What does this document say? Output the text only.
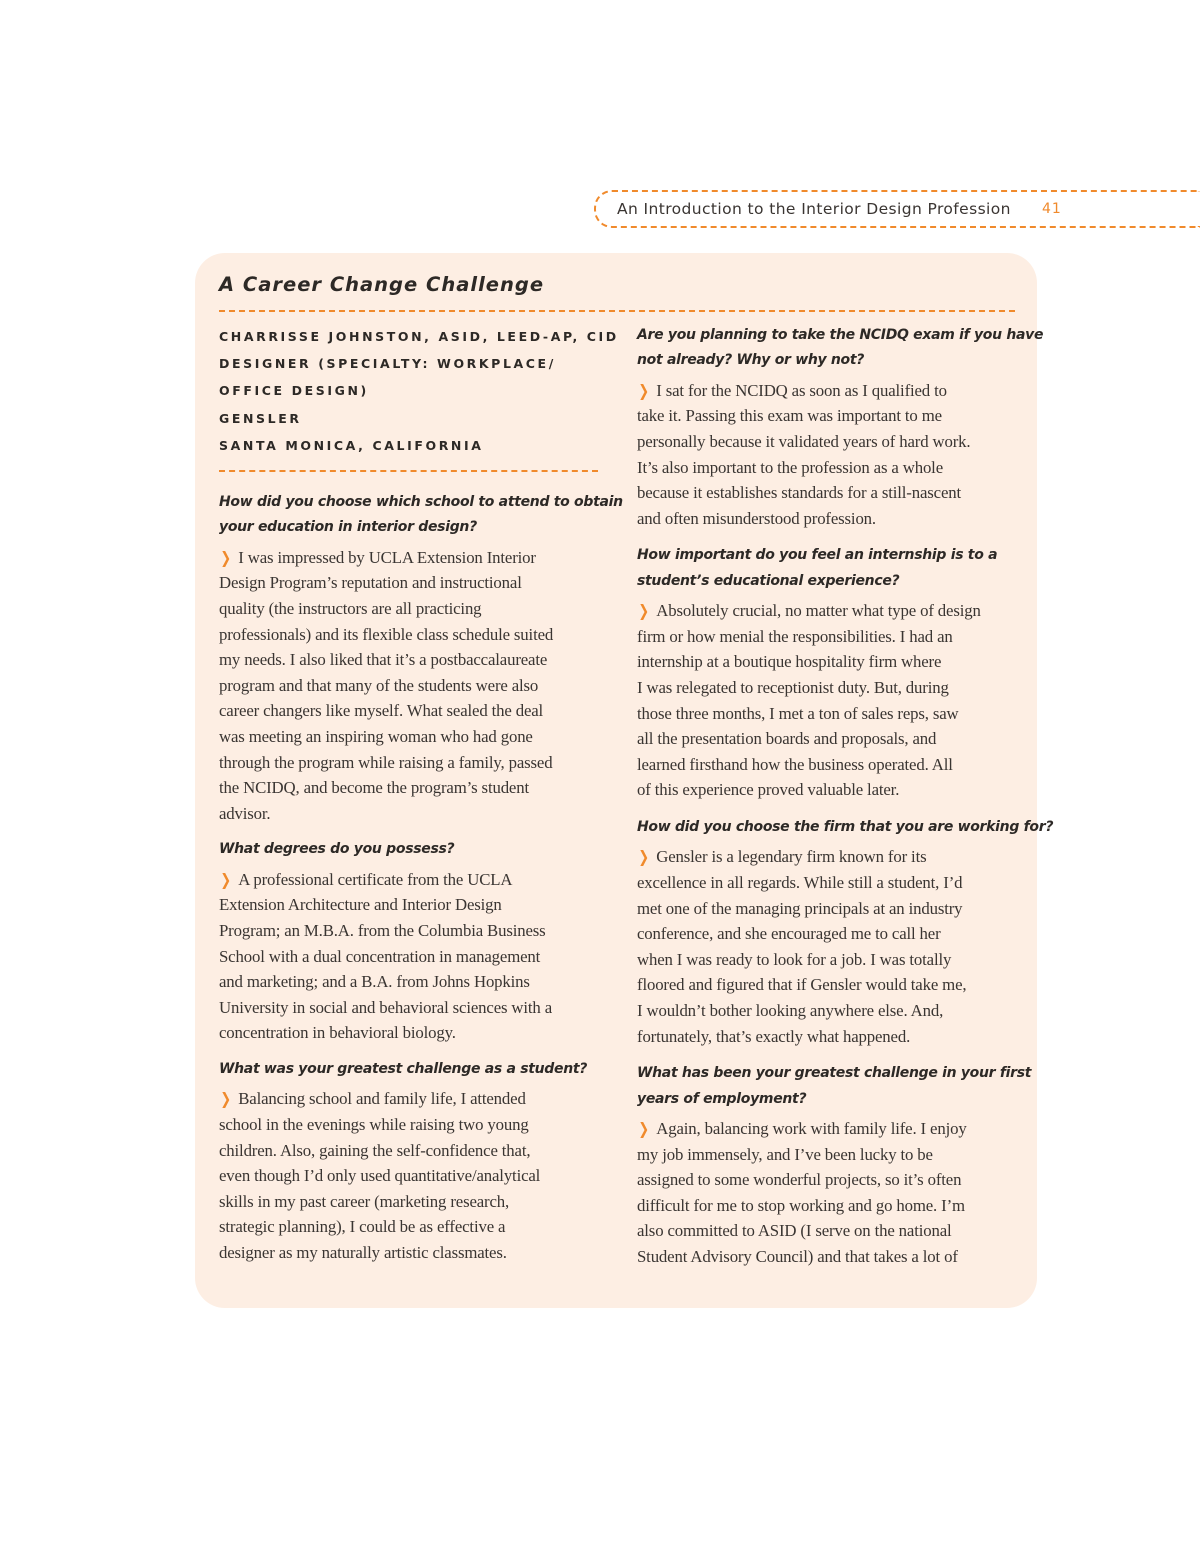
An Introduction to the Interior Design Profession 41
A Career Change Challenge
CHARRISSE JOHNSTON, ASID, LEED-AP, CID
DESIGNER (SPECIALTY: WORKPLACE/
OFFICE DESIGN)
GENSLER
SANTA MONICA, CALIFORNIA

How did you choose which school to attend to obtain
your education in interior design?

❯ I was impressed by UCLA Extension Interior
Design Program’s reputation and instructional
quality (the instructors are all practicing
professionals) and its flexible class schedule suited
my needs. I also liked that it’s a postbaccalaureate
program and that many of the students were also
career changers like myself. What sealed the deal
was meeting an inspiring woman who had gone
through the program while raising a family, passed
the NCIDQ, and become the program’s student
advisor.

What degrees do you possess?

❯ A professional certificate from the UCLA
Extension Architecture and Interior Design
Program; an M.B.A. from the Columbia Business
School with a dual concentration in management
and marketing; and a B.A. from Johns Hopkins
University in social and behavioral sciences with a
concentration in behavioral biology.

What was your greatest challenge as a student?

❯ Balancing school and family life, I attended
school in the evenings while raising two young
children. Also, gaining the self-confidence that,
even though I’d only used quantitative/analytical
skills in my past career (marketing research,
strategic planning), I could be as effective a
designer as my naturally artistic classmates.

Are you planning to take the NCIDQ exam if you have
not already? Why or why not?

❯ I sat for the NCIDQ as soon as I qualified to
take it. Passing this exam was important to me
personally because it validated years of hard work.
It’s also important to the profession as a whole
because it establishes standards for a still-nascent
and often misunderstood profession.

How important do you feel an internship is to a
student’s educational experience?

❯ Absolutely crucial, no matter what type of design
firm or how menial the responsibilities. I had an
internship at a boutique hospitality firm where
I was relegated to receptionist duty. But, during
those three months, I met a ton of sales reps, saw
all the presentation boards and proposals, and
learned firsthand how the business operated. All
of this experience proved valuable later.

How did you choose the firm that you are working for?

❯ Gensler is a legendary firm known for its
excellence in all regards. While still a student, I’d
met one of the managing principals at an industry
conference, and she encouraged me to call her
when I was ready to look for a job. I was totally
floored and figured that if Gensler would take me,
I wouldn’t bother looking anywhere else. And,
fortunately, that’s exactly what happened.

What has been your greatest challenge in your first
years of employment?

❯ Again, balancing work with family life. I enjoy
my job immensely, and I’ve been lucky to be
assigned to some wonderful projects, so it’s often
difficult for me to stop working and go home. I’m
also committed to ASID (I serve on the national
Student Advisory Council) and that takes a lot of
